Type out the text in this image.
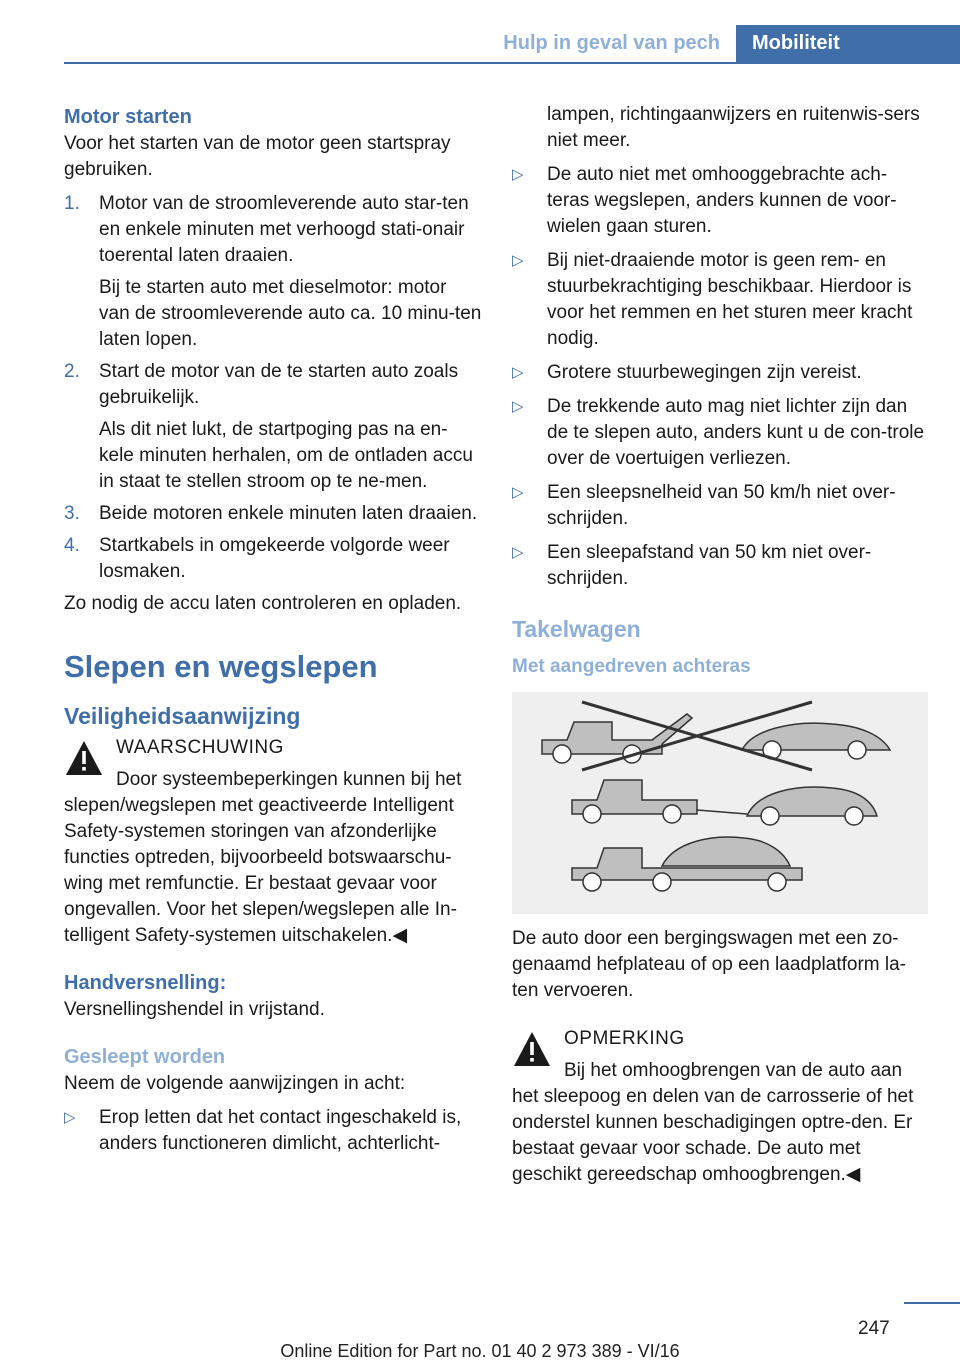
Hulp in geval van pech	Mobiliteit

Motor starten

Voor het starten van de motor geen startspray gebruiken.

1. Motor van de stroomleverende auto star-ten en enkele minuten met verhoogd stati-onair toerental laten draaien.

Bij te starten auto met dieselmotor: motor van de stroomleverende auto ca. 10 minu-ten laten lopen.

2. Start de motor van de te starten auto zoals gebruikelijk.

Als dit niet lukt, de startpoging pas na en-kele minuten herhalen, om de ontladen accu in staat te stellen stroom op te ne-men.

3. Beide motoren enkele minuten laten draaien.

4. Startkabels in omgekeerde volgorde weer losmaken.

Zo nodig de accu laten controleren en opladen.

Slepen en wegslepen

Veiligheidsaanwijzing

WAARSCHUWING

Door systeembeperkingen kunnen bij het slepen/wegslepen met geactiveerde Intelligent Safety-systemen storingen van afzonderlijke functies optreden, bijvoorbeeld botswaarschu-wing met remfunctie. Er bestaat gevaar voor ongevallen. Voor het slepen/wegslepen alle In-telligent Safety-systemen uitschakelen.◀

Handversnelling:

Versnellingshendel in vrijstand.

Gesleept worden

Neem de volgende aanwijzingen in acht:

▷ Erop letten dat het contact ingeschakeld is, anders functioneren dimlicht, achterlicht-

lampen, richtingaanwijzers en ruitenwis-sers niet meer.

▷ De auto niet met omhooggebrachte ach-teras wegslepen, anders kunnen de voor-wielen gaan sturen.

▷ Bij niet-draaiende motor is geen rem- en stuurbekrachtiging beschikbaar. Hierdoor is voor het remmen en het sturen meer kracht nodig.

▷ Grotere stuurbewegingen zijn vereist.

▷ De trekkende auto mag niet lichter zijn dan de te slepen auto, anders kunt u de con-trole over de voertuigen verliezen.

▷ Een sleepsnelheid van 50 km/h niet over-schrijden.

▷ Een sleepafstand van 50 km niet over-schrijden.

Takelwagen

Met aangedreven achteras

De auto door een bergingswagen met een zo-genaamd hefplateau of op een laadplatform la-ten vervoeren.

OPMERKING

Bij het omhoogbrengen van de auto aan het sleepoog en delen van de carrosserie of het onderstel kunnen beschadigingen optre-den. Er bestaat gevaar voor schade. De auto met geschikt gereedschap omhoogbrengen.◀

247
Online Edition for Part no. 01 40 2 973 389 - VI/16
